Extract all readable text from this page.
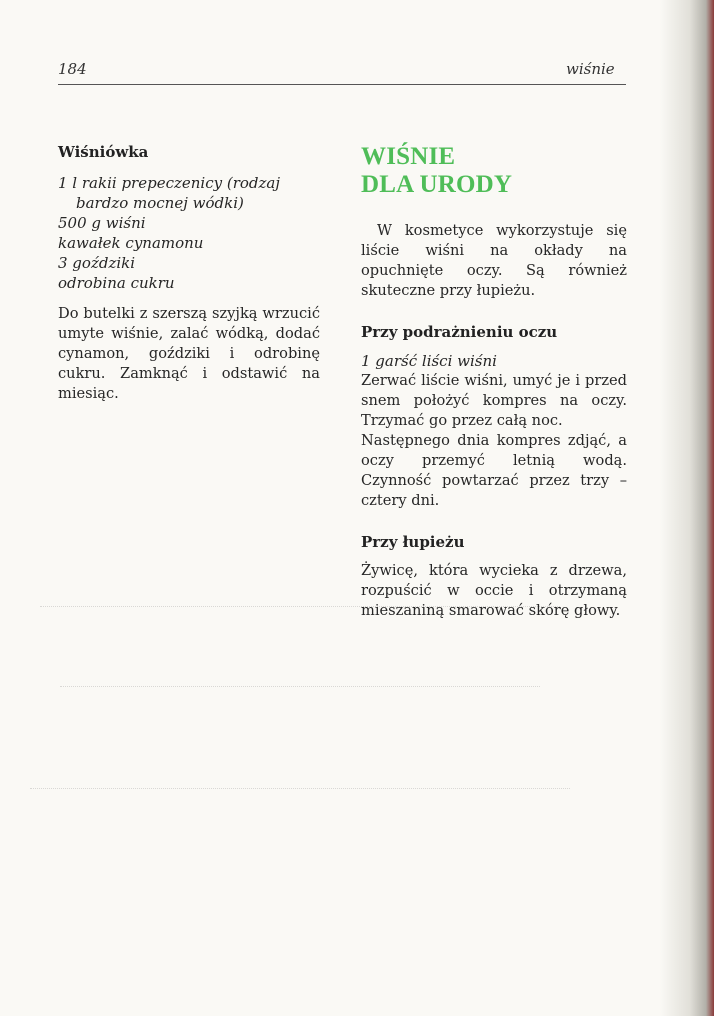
184	wiśnie
Wiśniówka

1 l rakii prepeczenicy (rodzaj bardzo mocnej wódki)

500 g wiśni

kawałek cynamonu

3 goździki

odrobina cukru

Do butelki z szerszą szyjką wrzucić umyte wiśnie, zalać wódką, dodać cynamon, goździki i odrobinę cukru. Zamknąć i odstawić na miesiąc.

WIŚNIE
DLA URODY

W kosmetyce wykorzystuje się liście wiśni na okłady na opuchnięte oczy. Są również skuteczne przy łupieżu.

Przy podrażnieniu oczu

1 garść liści wiśni

Zerwać liście wiśni, umyć je i przed snem położyć kompres na oczy. Trzymać go przez całą noc.

Następnego dnia kompres zdjąć, a oczy przemyć letnią wodą. Czynność powtarzać przez trzy – cztery dni.

Przy łupieżu

Żywicę, która wycieka z drzewa, rozpuścić w occie i otrzymaną mieszaniną smarować skórę głowy.
